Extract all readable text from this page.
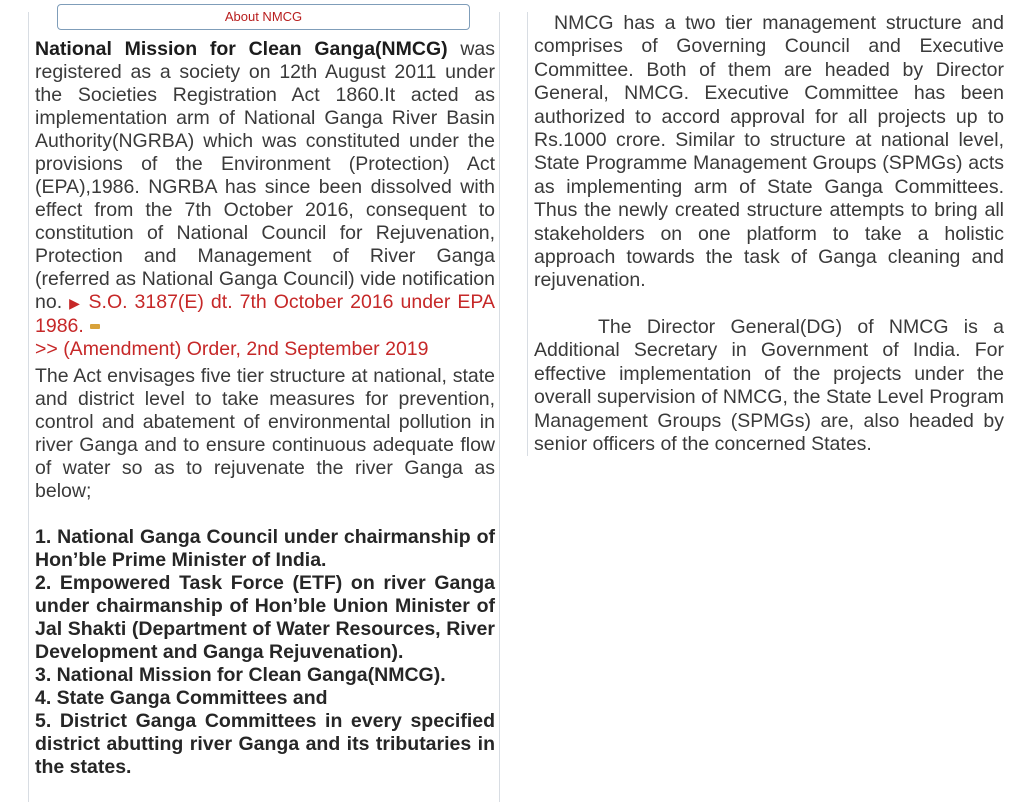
About NMCG

National Mission for Clean Ganga(NMCG) was registered as a society on 12th August 2011 under the Societies Registration Act 1860.It acted as implementation arm of National Ganga River Basin Authority(NGRBA) which was constituted under the provisions of the Environment (Protection) Act (EPA),1986. NGRBA has since been dissolved with effect from the 7th October 2016, consequent to constitution of National Council for Rejuvenation, Protection and Management of River Ganga (referred as National Ganga Council) vide notification no. ▶ S.O. 3187(E) dt. 7th October 2016 under EPA 1986.
>> (Amendment) Order, 2nd September 2019

The Act envisages five tier structure at national, state and district level to take measures for prevention, control and abatement of environmental pollution in river Ganga and to ensure continuous adequate flow of water so as to rejuvenate the river Ganga as below;

1. National Ganga Council under chairmanship of Hon’ble Prime Minister of India.
2. Empowered Task Force (ETF) on river Ganga under chairmanship of Hon’ble Union Minister of Jal Shakti (Department of Water Resources, River Development and Ganga Rejuvenation).
3. National Mission for Clean Ganga(NMCG).
4. State Ganga Committees and
5. District Ganga Committees in every specified district abutting river Ganga and its tributaries in the states.

NMCG has a two tier management structure and comprises of Governing Council and Executive Committee. Both of them are headed by Director General, NMCG. Executive Committee has been authorized to accord approval for all projects up to Rs.1000 crore. Similar to structure at national level, State Programme Management Groups (SPMGs) acts as implementing arm of State Ganga Committees. Thus the newly created structure attempts to bring all stakeholders on one platform to take a holistic approach towards the task of Ganga cleaning and rejuvenation.

The Director General(DG) of NMCG is a Additional Secretary in Government of India. For effective implementation of the projects under the overall supervision of NMCG, the State Level Program Management Groups (SPMGs) are, also headed by senior officers of the concerned States.
